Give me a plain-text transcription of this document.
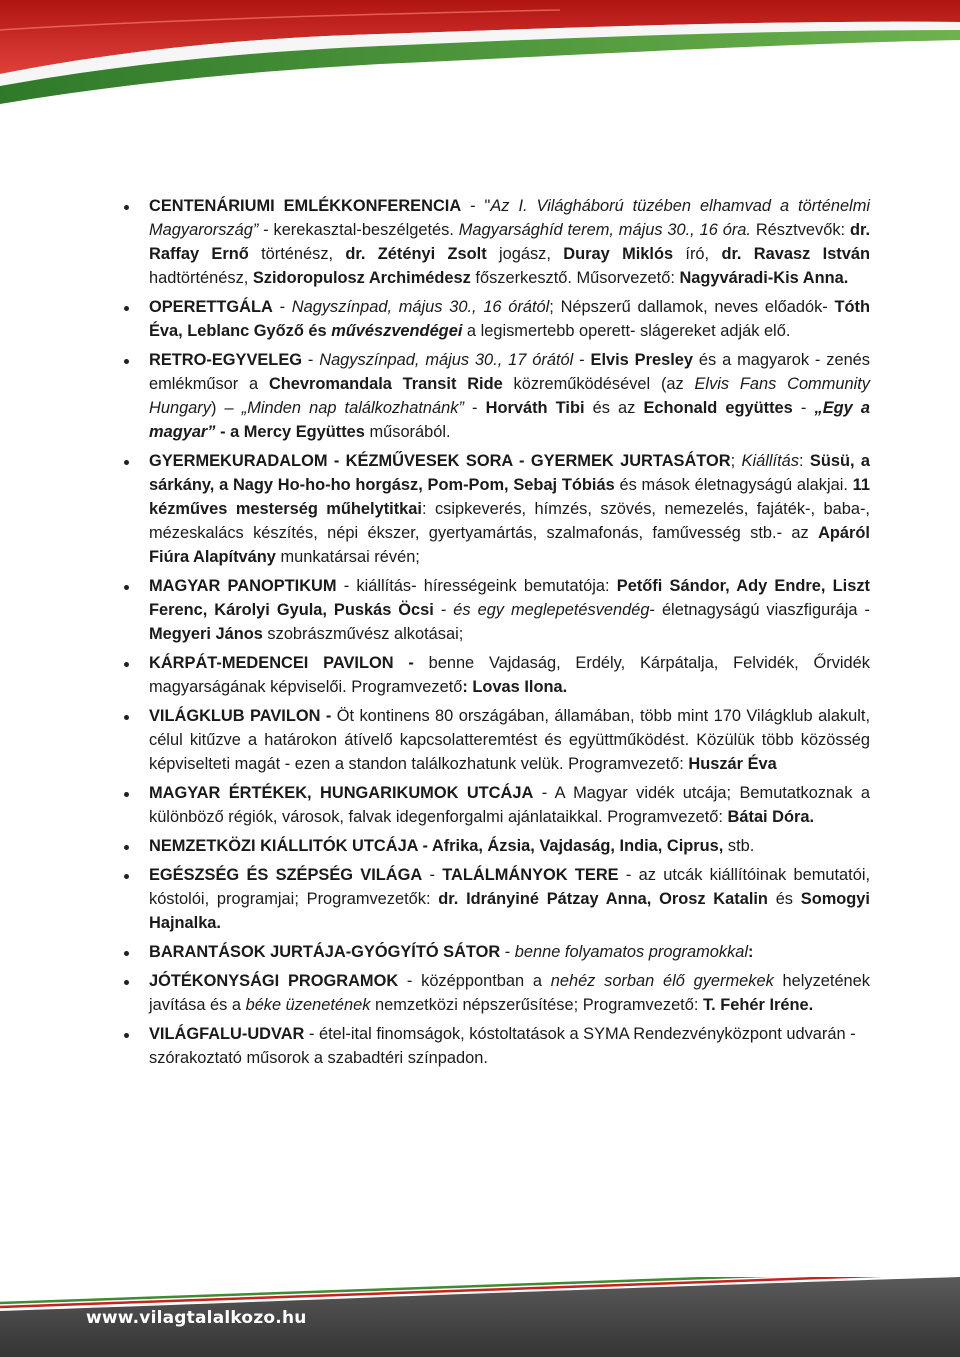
CENTENÁRIUMI EMLÉKKONFERENCIA - "Az I. Világháború tüzében elhamvad a történelmi Magyarország” - kerekasztal-beszélgetés. Magyarsághíd terem, május 30., 16 óra. Résztvevők: dr. Raffay Ernő történész, dr. Zétényi Zsolt jogász, Duray Miklós író, dr. Ravasz István hadtörténész, Szidoropulosz Archimédesz főszerkesztő. Műsorvezető: Nagyváradi-Kis Anna.
OPERETTGÁLA - Nagyszínpad, május 30., 16 órától; Népszerű dallamok, neves előadók- Tóth Éva, Leblanc Győző és művészvendégei a legismertebb operett- slágereket adják elő.
RETRO-EGYVELEG - Nagyszínpad, május 30., 17 órától - Elvis Presley és a magyarok - zenés emlékműsor a Chevromandala Transit Ride közreműködésével (az Elvis Fans Community Hungary) – „Minden nap találkozhatnánk” - Horváth Tibi és az Echonald együttes - „Egy a magyar” - a Mercy Együttes műsorából.
GYERMEKURADALOM - KÉZMŰVESEK SORA - GYERMEK JURTASÁTOR; Kiállítás: Süsü, a sárkány, a Nagy Ho-ho-ho horgász, Pom-Pom, Sebaj Tóbiás és mások életnagyságú alakjai. 11 kézműves mesterség műhelytitkai: csipkeverés, hímzés, szövés, nemezelés, fajáték-, baba-, mézeskalács készítés, népi ékszer, gyertyamártás, szalmafonás, faművesség stb.- az Apáról Fiúra Alapítvány munkatársai révén;
MAGYAR PANOPTIKUM - kiállítás- hírességeink bemutatója: Petőfi Sándor, Ady Endre, Liszt Ferenc, Károlyi Gyula, Puskás Öcsi - és egy meglepetésvendég- életnagyságú viaszfigurája - Megyeri János szobrászművész alkotásai;
KÁRPÁT-MEDENCEI PAVILON - benne Vajdaság, Erdély, Kárpátalja, Felvidék, Őrvidék magyarságának képviselői. Programvezető: Lovas Ilona.
VILÁGKLUB PAVILON - Öt kontinens 80 országában, államában, több mint 170 Világklub alakult, célul kitűzve a határokon átívelő kapcsolatteremtést és együttműködést. Közülük több közösség képviselteti magát - ezen a standon találkozhatunk velük. Programvezető: Huszár Éva
MAGYAR ÉRTÉKEK, HUNGARIKUMOK UTCÁJA - A Magyar vidék utcája; Bemutatkoznak a különböző régiók, városok, falvak idegenforgalmi ajánlataikkal. Programvezető: Bátai Dóra.
NEMZETKÖZI KIÁLLITÓK UTCÁJA - Afrika, Ázsia, Vajdaság, India, Ciprus, stb.
EGÉSZSÉG ÉS SZÉPSÉG VILÁGA - TALÁLMÁNYOK TERE - az utcák kiállítóinak bemutatói, kóstolói, programjai; Programvezetők: dr. Idrányiné Pátzay Anna, Orosz Katalin és Somogyi Hajnalka.
BARANTÁSOK JURTÁJA-GYÓGYÍTÓ SÁTOR - benne folyamatos programokkal:
JÓTÉKONYSÁGI PROGRAMOK - középpontban a nehéz sorban élő gyermekek helyzetének javítása és a béke üzenetének nemzetközi népszerűsítése; Programvezető: T. Fehér Iréne.
VILÁGFALU-UDVAR - étel-ital finomságok, kóstoltatások a SYMA Rendezvényközpont udvarán - szórakoztató műsorok a szabadtéri színpadon.
www.vilagtalalkozo.hu
